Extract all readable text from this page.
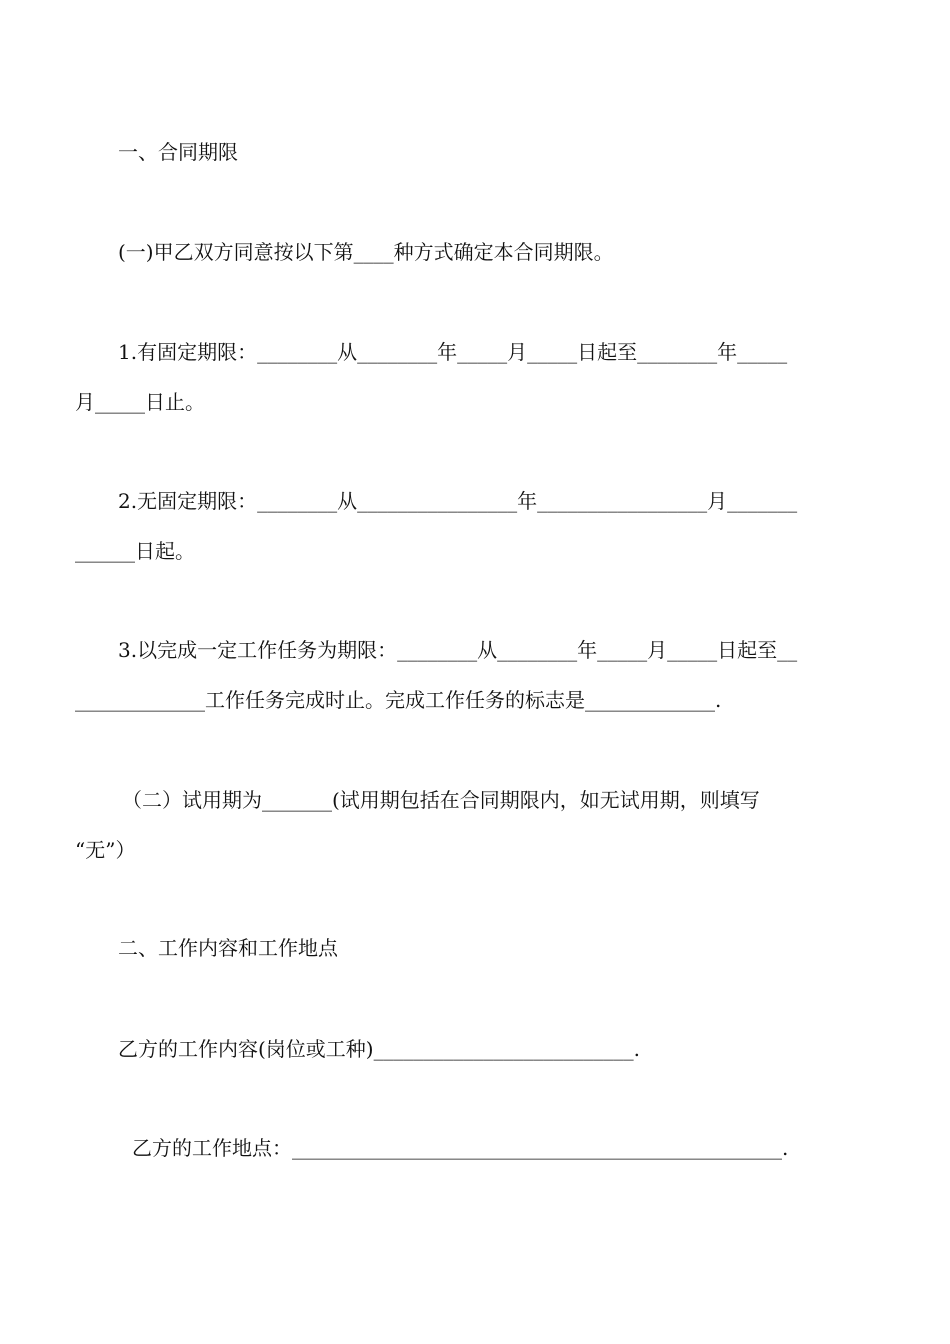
一、合同期限
(一)甲乙双方同意按以下第____种方式确定本合同期限。
1.有固定期限：________从________年_____月_____日起至________年_____
月_____日止。
2.无固定期限：________从________________年_________________月_______
______日起。
3.以完成一定工作任务为期限：________从________年_____月_____日起至__
_____________工作任务完成时止。完成工作任务的标志是_____________.
（二）试用期为_______(试用期包括在合同期限内，如无试用期，则填写
“无”）
二、工作内容和工作地点
乙方的工作内容(岗位或工种)__________________________.
乙方的工作地点：_________________________________________________.
